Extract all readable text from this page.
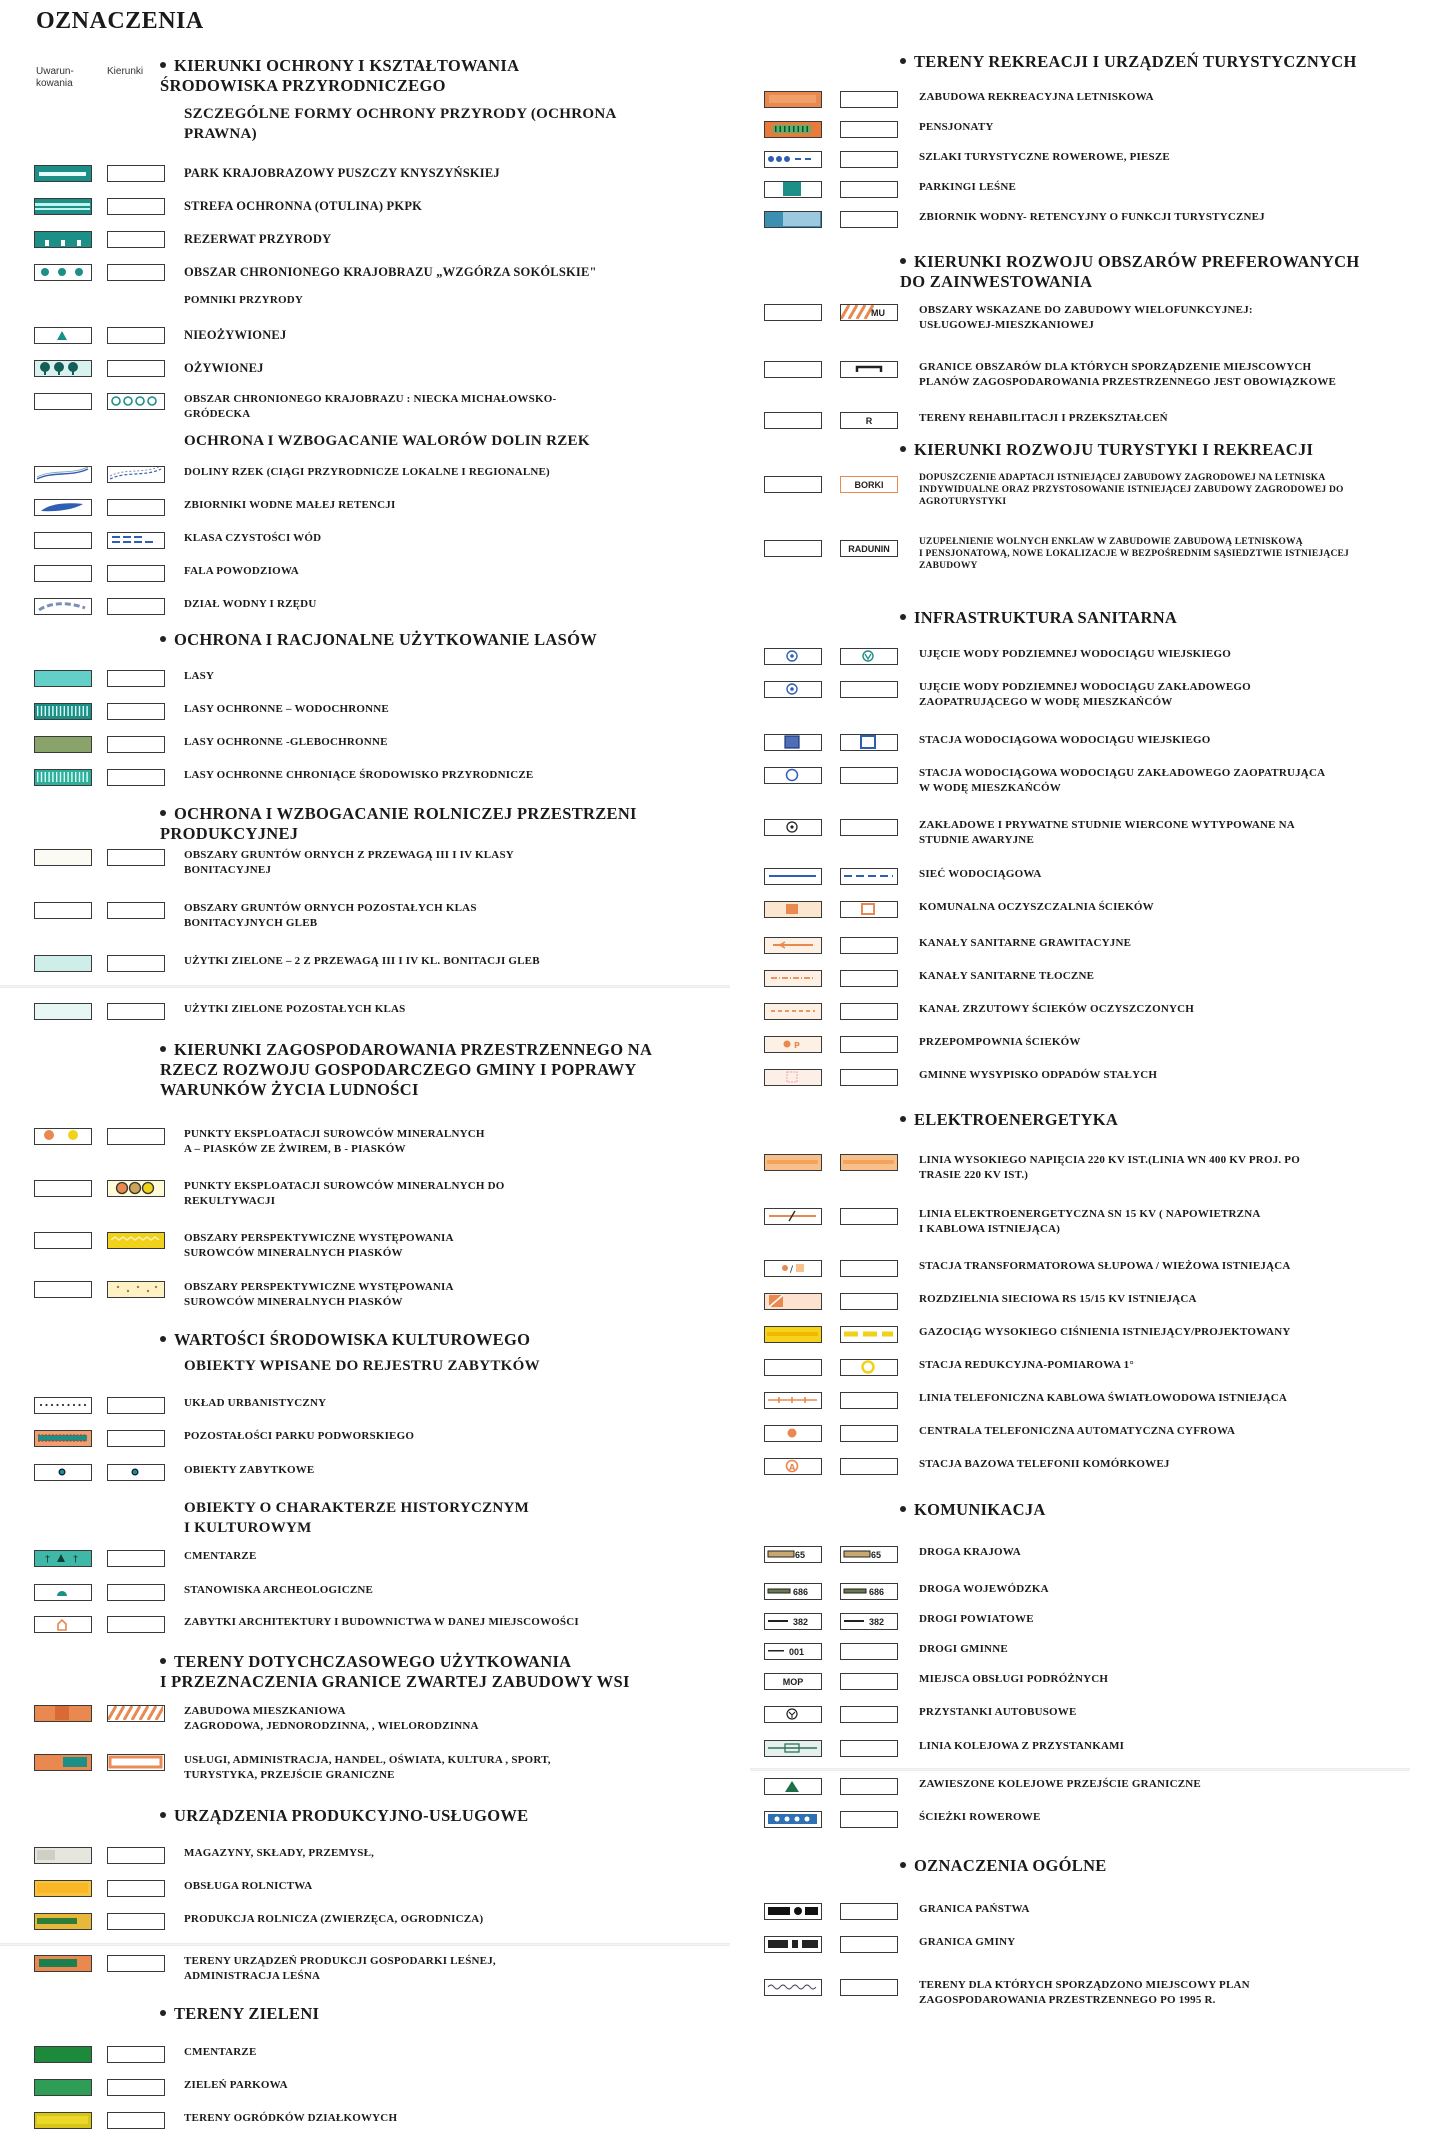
OZNACZENIA
Uwarun-
kowania
Kierunki	KIERUNKI OCHRONY I KSZTAŁTOWANIA
ŚRODOWISKA PRZYRODNICZEGO
SZCZEGÓLNE FORMY OCHRONY PRZYRODY (OCHRONA
PRAWNA)
PARK KRAJOBRAZOWY PUSZCZY KNYSZYŃSKIEJ
STREFA OCHRONNA (OTULINA) PKPK
REZERWAT PRZYRODY
OBSZAR CHRONIONEGO KRAJOBRAZU „WZGÓRZA SOKÓLSKIE"
POMNIKI PRZYRODY
NIEOŻYWIONEJ
OŻYWIONEJ
OBSZAR CHRONIONEGO KRAJOBRAZU : NIECKA MICHAŁOWSKO-
GRÓDECKA
OCHRONA I WZBOGACANIE WALORÓW DOLIN RZEK
DOLINY RZEK (CIĄGI PRZYRODNICZE LOKALNE I REGIONALNE)
ZBIORNIKI WODNE MAŁEJ RETENCJI
KLASA CZYSTOŚCI WÓD
FALA POWODZIOWA
DZIAŁ WODNY I RZĘDU
OCHRONA I RACJONALNE UŻYTKOWANIE LASÓW
LASY
LASY OCHRONNE – WODOCHRONNE
LASY OCHRONNE -GLEBOCHRONNE
LASY OCHRONNE CHRONIĄCE ŚRODOWISKO PRZYRODNICZE
OCHRONA I WZBOGACANIE ROLNICZEJ PRZESTRZENI
PRODUKCYJNEJ
OBSZARY GRUNTÓW ORNYCH Z PRZEWAGĄ III I IV KLASY
BONITACYJNEJ
OBSZARY GRUNTÓW ORNYCH POZOSTAŁYCH KLAS
BONITACYJNYCH GLEB
UŻYTKI ZIELONE – 2 Z PRZEWAGĄ III I IV KL. BONITACJI GLEB
UŻYTKI ZIELONE POZOSTAŁYCH KLAS
KIERUNKI ZAGOSPODAROWANIA PRZESTRZENNEGO NA
RZECZ ROZWOJU GOSPODARCZEGO GMINY I POPRAWY
WARUNKÓW ŻYCIA LUDNOŚCI
PUNKTY EKSPLOATACJI SUROWCÓW MINERALNYCH
A – PIASKÓW ZE ŻWIREM, B - PIASKÓW
PUNKTY EKSPLOATACJI SUROWCÓW MINERALNYCH DO
REKULTYWACJI
OBSZARY PERSPEKTYWICZNE WYSTĘPOWANIA
SUROWCÓW MINERALNYCH PIASKÓW
OBSZARY PERSPEKTYWICZNE WYSTĘPOWANIA
SUROWCÓW MINERALNYCH PIASKÓW
WARTOŚCI ŚRODOWISKA KULTUROWEGO
OBIEKTY WPISANE DO REJESTRU ZABYTKÓW
UKŁAD URBANISTYCZNY
POZOSTAŁOŚCI PARKU PODWORSKIEGO
OBIEKTY ZABYTKOWE
OBIEKTY O CHARAKTERZE HISTORYCZNYM
I KULTUROWYM
† †	CMENTARZE
STANOWISKA ARCHEOLOGICZNE
ZABYTKI ARCHITEKTURY I BUDOWNICTWA W DANEJ MIEJSCOWOŚCI
TERENY DOTYCHCZASOWEGO UŻYTKOWANIA
I PRZEZNACZENIA GRANICE ZWARTEJ ZABUDOWY WSI
ZABUDOWA MIESZKANIOWA
ZAGRODOWA, JEDNORODZINNA, , WIELORODZINNA
USŁUGI, ADMINISTRACJA, HANDEL, OŚWIATA, KULTURA , SPORT,
TURYSTYKA, PRZEJŚCIE GRANICZNE
URZĄDZENIA PRODUKCYJNO-USŁUGOWE
MAGAZYNY, SKŁADY, PRZEMYSŁ,
OBSŁUGA ROLNICTWA
PRODUKCJA ROLNICZA (ZWIERZĘCA, OGRODNICZA)
TERENY URZĄDZEŃ PRODUKCJI GOSPODARKI LEŚNEJ,
ADMINISTRACJA LEŚNA
TERENY ZIELENI
CMENTARZE
ZIELEŃ PARKOWA
TERENY OGRÓDKÓW DZIAŁKOWYCH
TERENY REKREACJI I URZĄDZEŃ TURYSTYCZNYCH
ZABUDOWA REKREACYJNA LETNISKOWA
PENSJONATY
SZLAKI TURYSTYCZNE ROWEROWE, PIESZE
PARKINGI LEŚNE
ZBIORNIK WODNY- RETENCYJNY O FUNKCJI TURYSTYCZNEJ
KIERUNKI ROZWOJU OBSZARÓW PREFEROWANYCH
DO ZAINWESTOWANIA
MU	OBSZARY WSKAZANE DO ZABUDOWY WIELOFUNKCYJNEJ:
USŁUGOWEJ-MIESZKANIOWEJ
GRANICE OBSZARÓW DLA KTÓRYCH SPORZĄDZENIE MIEJSCOWYCH
PLANÓW ZAGOSPODAROWANIA PRZESTRZENNEGO JEST OBOWIĄZKOWE
R	TERENY REHABILITACJI I PRZEKSZTAŁCEŃ
KIERUNKI ROZWOJU TURYSTYKI I REKREACJI
BORKI
DOPUSZCZENIE ADAPTACJI ISTNIEJĄCEJ ZABUDOWY ZAGRODOWEJ NA LETNISKA
INDYWIDUALNE ORAZ PRZYSTOSOWANIE ISTNIEJĄCEJ ZABUDOWY ZAGRODOWEJ DO
AGROTURYSTYKI
RADUNIN
UZUPEŁNIENIE WOLNYCH ENKLAW W ZABUDOWIE ZABUDOWĄ LETNISKOWĄ
I PENSJONATOWĄ, NOWE LOKALIZACJE W BEZPOŚREDNIM SĄSIEDZTWIE ISTNIEJĄCEJ
ZABUDOWY
INFRASTRUKTURA SANITARNA
UJĘCIE WODY PODZIEMNEJ WODOCIĄGU WIEJSKIEGO
UJĘCIE WODY PODZIEMNEJ WODOCIĄGU ZAKŁADOWEGO
ZAOPATRUJĄCEGO W WODĘ MIESZKAŃCÓW
STACJA WODOCIĄGOWA WODOCIĄGU WIEJSKIEGO
STACJA WODOCIĄGOWA WODOCIĄGU ZAKŁADOWEGO ZAOPATRUJĄCA
W WODĘ MIESZKAŃCÓW
ZAKŁADOWE I PRYWATNE STUDNIE WIERCONE WYTYPOWANE NA
STUDNIE AWARYJNE
SIEĆ WODOCIĄGOWA
KOMUNALNA OCZYSZCZALNIA ŚCIEKÓW
KANAŁY SANITARNE GRAWITACYJNE
KANAŁY SANITARNE TŁOCZNE
KANAŁ ZRZUTOWY ŚCIEKÓW OCZYSZCZONYCH
P	PRZEPOMPOWNIA ŚCIEKÓW
GMINNE WYSYPISKO ODPADÓW STAŁYCH
ELEKTROENERGETYKA
LINIA WYSOKIEGO NAPIĘCIA 220 KV IST.(LINIA WN 400 KV PROJ. PO
TRASIE 220 KV IST.)
LINIA ELEKTROENERGETYCZNA SN 15 KV ( NAPOWIETRZNA
I KABLOWA ISTNIEJĄCA)
/	STACJA TRANSFORMATOROWA SŁUPOWA / WIEŻOWA ISTNIEJĄCA
ROZDZIELNIA SIECIOWA RS 15/15 KV ISTNIEJĄCA
GAZOCIĄG WYSOKIEGO CIŚNIENIA ISTNIEJĄCY/PROJEKTOWANY
STACJA REDUKCYJNA-POMIAROWA 1°
LINIA TELEFONICZNA KABLOWA ŚWIATŁOWODOWA ISTNIEJĄCA
CENTRALA TELEFONICZNA AUTOMATYCZNA CYFROWA
A	STACJA BAZOWA TELEFONII KOMÓRKOWEJ
KOMUNIKACJA
65	65	DROGA KRAJOWA
686	686	DROGA WOJEWÓDZKA
382	382	DROGI POWIATOWE
001	DROGI GMINNE
MOP	MIEJSCA OBSŁUGI PODRÓŻNYCH
PRZYSTANKI AUTOBUSOWE
LINIA KOLEJOWA Z PRZYSTANKAMI
ZAWIESZONE KOLEJOWE PRZEJŚCIE GRANICZNE
ŚCIEŻKI ROWEROWE
OZNACZENIA OGÓLNE
GRANICA PAŃSTWA
GRANICA GMINY
TERENY DLA KTÓRYCH SPORZĄDZONO MIEJSCOWY PLAN
ZAGOSPODAROWANIA PRZESTRZENNEGO PO 1995 R.
